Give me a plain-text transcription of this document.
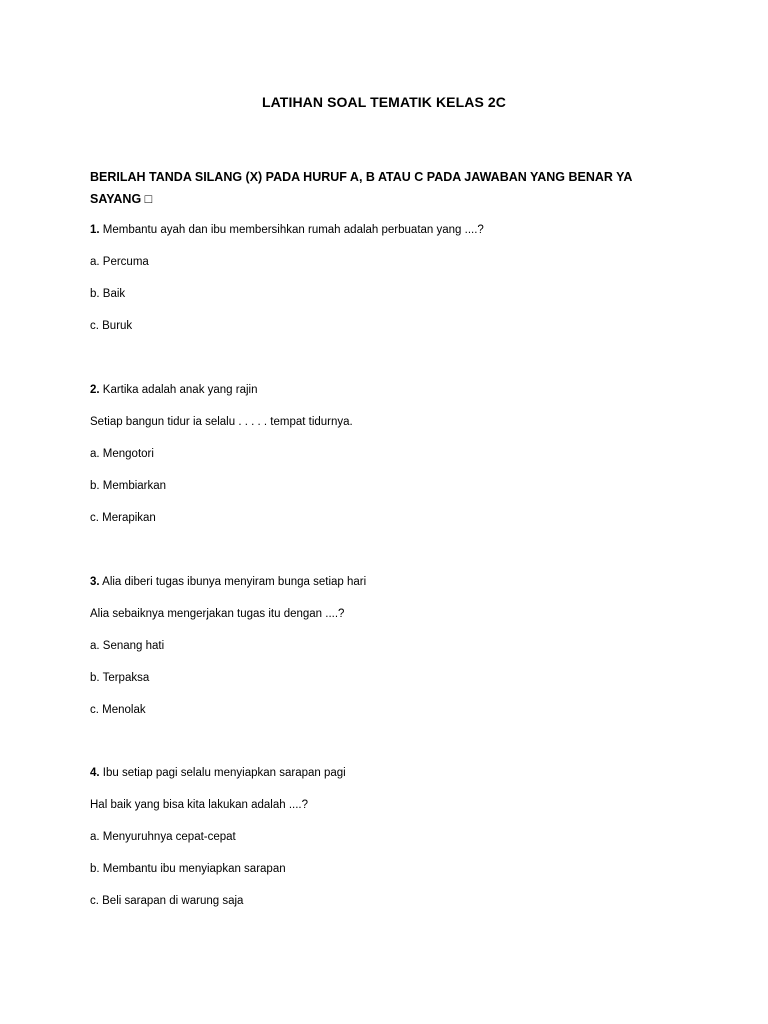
LATIHAN SOAL TEMATIK KELAS 2C
BERILAH TANDA SILANG (X) PADA HURUF A, B ATAU C PADA JAWABAN YANG BENAR YA SAYANG □
1. Membantu ayah dan ibu membersihkan rumah adalah perbuatan yang ....?
a. Percuma
b. Baik
c. Buruk
2. Kartika adalah anak yang rajin
Setiap bangun tidur ia selalu . . . . . tempat tidurnya.
a. Mengotori
b. Membiarkan
c. Merapikan
3. Alia diberi tugas ibunya menyiram bunga setiap hari
Alia sebaiknya mengerjakan tugas itu dengan ....?
a. Senang hati
b. Terpaksa
c. Menolak
4. Ibu setiap pagi selalu menyiapkan sarapan pagi
Hal baik yang bisa kita lakukan adalah ....?
a. Menyuruhnya cepat-cepat
b. Membantu ibu menyiapkan sarapan
c. Beli sarapan di warung saja
